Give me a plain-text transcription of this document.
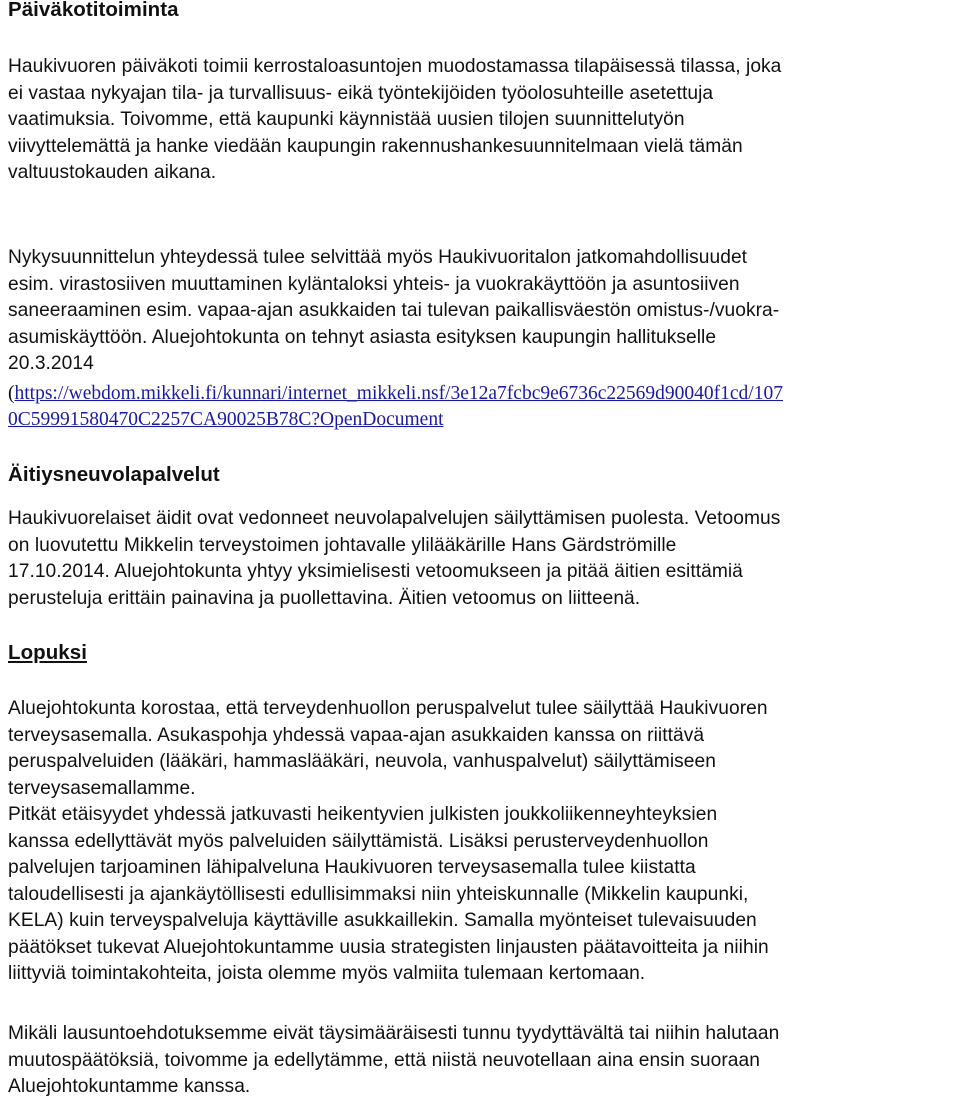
Päiväkotitoiminta
Haukivuoren päiväkoti toimii kerrostaloasuntojen muodostamassa tilapäisessä tilassa, joka
ei vastaa nykyajan tila- ja turvallisuus- eikä työntekijöiden työolosuhteille asetettuja
vaatimuksia. Toivomme, että kaupunki käynnistää uusien tilojen suunnittelutyön
viivyttelemättä ja hanke viedään kaupungin rakennushankesuunnitelmaan vielä tämän
valtuustokauden aikana.
Nykysuunnittelun yhteydessä tulee selvittää myös Haukivuoritalon jatkomahdollisuudet
esim. virastosiiven muuttaminen kyläntaloksi yhteis- ja vuokrakäyttöön ja asuntosiiven
saneeraaminen esim. vapaa-ajan asukkaiden tai tulevan paikallisväestön omistus-/vuokra-
asumiskäyttöön. Aluejohtokunta on tehnyt asiasta esityksen kaupungin hallitukselle
20.3.2014
(https://webdom.mikkeli.fi/kunnari/internet_mikkeli.nsf/3e12a7fcbc9e6736c22569d90040f1cd/107
0C59991580470C2257CA90025B78C?OpenDocument
Äitiysneuvolapalvelut
Haukivuorelaiset äidit ovat vedonneet neuvolapalvelujen säilyttämisen puolesta. Vetoomus
on luovutettu Mikkelin terveystoimen johtavalle ylilääkärille Hans Gärdströmille
17.10.2014. Aluejohtokunta yhtyy yksimielisesti vetoomukseen ja pitää äitien esittämiä
perusteluja erittäin painavina ja puollettavina. Äitien vetoomus on liitteenä.
Lopuksi
Aluejohtokunta korostaa, että terveydenhuollon peruspalvelut tulee säilyttää Haukivuoren
terveysasemalla. Asukaspohja yhdessä vapaa-ajan asukkaiden kanssa on riittävä
peruspalveluiden (lääkäri, hammaslääkäri, neuvola, vanhuspalvelut) säilyttämiseen
terveysasemallamme.
Pitkät etäisyydet yhdessä jatkuvasti heikentyvien julkisten joukkoliikenneyhteyksien
kanssa edellyttävät myös palveluiden säilyttämistä. Lisäksi perusterveydenhuollon
palvelujen tarjoaminen lähipalveluna Haukivuoren terveysasemalla tulee kiistatta
taloudellisesti ja ajankäytöllisesti edullisimmaksi niin yhteiskunnalle (Mikkelin kaupunki,
KELA) kuin terveyspalveluja käyttäville asukkaillekin. Samalla myönteiset tulevaisuuden
päätökset tukevat Aluejohtokuntamme uusia strategisten linjausten päätavoitteita ja niihin
liittyviä toimintakohteita, joista olemme myös valmiita tulemaan kertomaan.
Mikäli lausuntoehdotuksemme eivät täysimääräisesti tunnu tyydyttävältä tai niihin halutaan
muutospäätöksiä, toivomme ja edellytämme, että niistä neuvotellaan aina ensin suoraan
Aluejohtokuntamme kanssa.
